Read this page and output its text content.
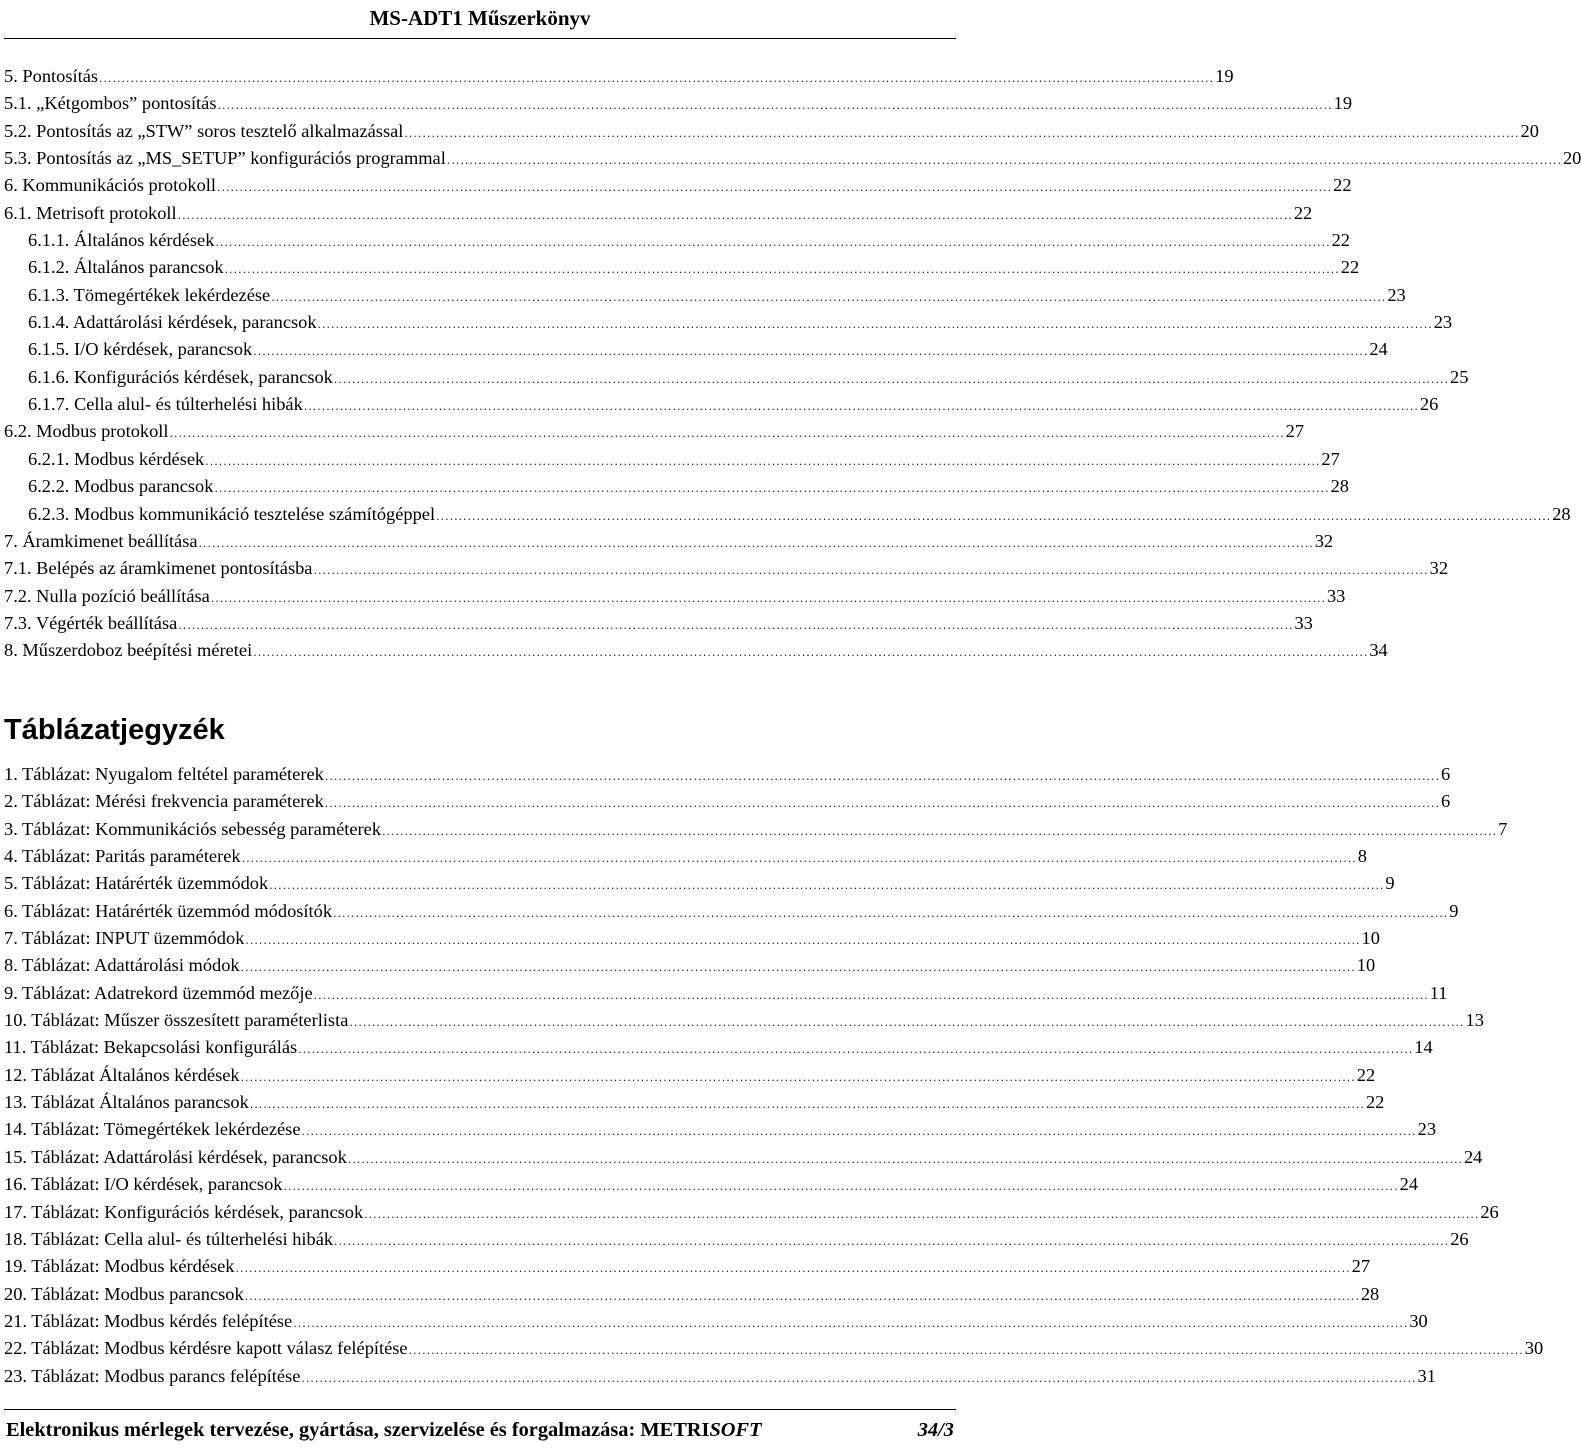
MS-ADT1 Műszerkönyv
5. Pontosítás .....	19
5.1. „Kétgombos” pontosítás .....	19
5.2. Pontosítás az „STW” soros tesztelő alkalmazással .....	20
5.3. Pontosítás az „MS_SETUP” konfigurációs programmal .....	20
6. Kommunikációs protokoll .....	22
6.1. Metrisoft protokoll .....	22
6.1.1. Általános kérdések .....	22
6.1.2. Általános parancsok .....	22
6.1.3. Tömegértékek lekérdezése .....	23
6.1.4. Adattárolási kérdések, parancsok .....	23
6.1.5. I/O kérdések, parancsok .....	24
6.1.6. Konfigurációs kérdések, parancsok .....	25
6.1.7. Cella alul- és túlterhelési hibák .....	26
6.2. Modbus protokoll .....	27
6.2.1. Modbus kérdések .....	27
6.2.2. Modbus parancsok .....	28
6.2.3. Modbus kommunikáció tesztelése számítógéppel .....	28
7. Áramkimenet beállítása .....	32
7.1. Belépés az áramkimenet pontosításba .....	32
7.2. Nulla pozíció beállítása .....	33
7.3. Végérték beállítása .....	33
8. Műszerdoboz beépítési méretei .....	34
Táblázatjegyzék
1. Táblázat: Nyugalom feltétel paraméterek .....	6
2. Táblázat: Mérési frekvencia paraméterek .....	6
3. Táblázat: Kommunikációs sebesség paraméterek .....	7
4. Táblázat: Paritás paraméterek .....	8
5. Táblázat: Határérték üzemmódok .....	9
6. Táblázat: Határérték üzemmód módosítók .....	9
7. Táblázat: INPUT üzemmódok .....	10
8. Táblázat: Adattárolási módok .....	10
9. Táblázat: Adatrekord üzemmód mezője .....	11
10. Táblázat: Műszer összesített paraméterlista .....	13
11. Táblázat: Bekapcsolási konfigurálás .....	14
12. Táblázat Általános kérdések .....	22
13. Táblázat Általános parancsok .....	22
14. Táblázat: Tömegértékek lekérdezése .....	23
15. Táblázat: Adattárolási kérdések, parancsok .....	24
16. Táblázat: I/O kérdések, parancsok .....	24
17. Táblázat: Konfigurációs kérdések, parancsok .....	26
18. Táblázat: Cella alul- és túlterhelési hibák .....	26
19. Táblázat: Modbus kérdések .....	27
20. Táblázat: Modbus parancsok .....	28
21. Táblázat: Modbus kérdés felépítése .....	30
22. Táblázat: Modbus kérdésre kapott válasz felépítése .....	30
23. Táblázat: Modbus parancs felépítése .....	31
Elektronikus mérlegek tervezése, gyártása, szervizelése és forgalmazása: METRI SOFT	34/3
